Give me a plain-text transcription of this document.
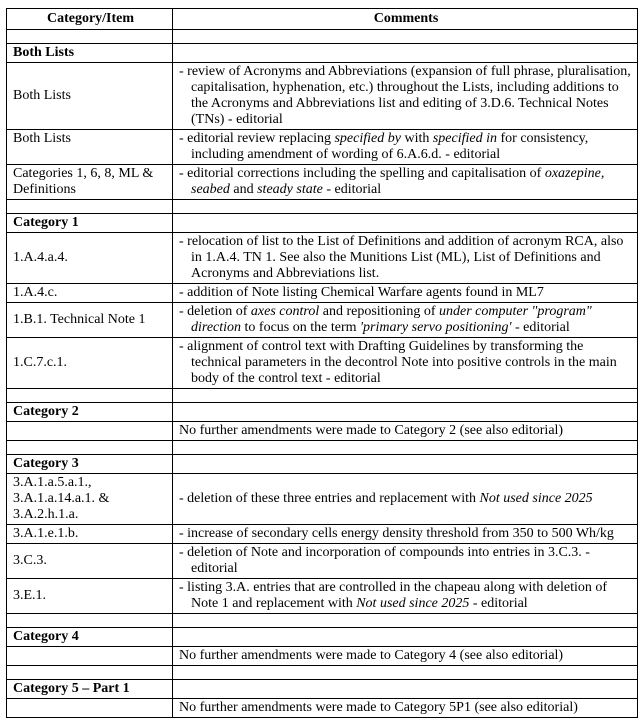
Category/Item	Comments

Both Lists	
Both Lists	- review of Acronyms and Abbreviations (expansion of full phrase, pluralisation, capitalisation, hyphenation, etc.) throughout the Lists, including additions to the Acronyms and Abbreviations list and editing of 3.D.6. Technical Notes (TNs) - editorial

Both Lists	- editorial review replacing specified by with specified in for consistency, including amendment of wording of 6.A.6.d. - editorial

Categories 1, 6, 8, ML & Definitions	- editorial corrections including the spelling and capitalisation of oxazepine, seabed and steady state - editorial

Category 1	
1.A.4.a.4.	- relocation of list to the List of Definitions and addition of acronym RCA, also in 1.A.4. TN 1. See also the Munitions List (ML), List of Definitions and Acronyms and Abbreviations list.

1.A.4.c.	- addition of Note listing Chemical Warfare agents found in ML7

1.B.1. Technical Note 1	- deletion of axes control and repositioning of under computer "program" direction to focus on the term 'primary servo positioning' - editorial

1.C.7.c.1.	- alignment of control text with Drafting Guidelines by transforming the technical parameters in the decontrol Note into positive controls in the main body of the control text - editorial

Category 2	
	No further amendments were made to Category 2 (see also editorial)

Category 3	
3.A.1.a.5.a.1., 3.A.1.a.14.a.1. & 3.A.2.h.1.a.	- deletion of these three entries and replacement with Not used since 2025

3.A.1.e.1.b.	- increase of secondary cells energy density threshold from 350 to 500 Wh/kg

3.C.3.	- deletion of Note and incorporation of compounds into entries in 3.C.3. - editorial

3.E.1.	- listing 3.A. entries that are controlled in the chapeau along with deletion of Note 1 and replacement with Not used since 2025 - editorial

Category 4	
	No further amendments were made to Category 4 (see also editorial)

Category 5 – Part 1	
	No further amendments were made to Category 5P1 (see also editorial)
